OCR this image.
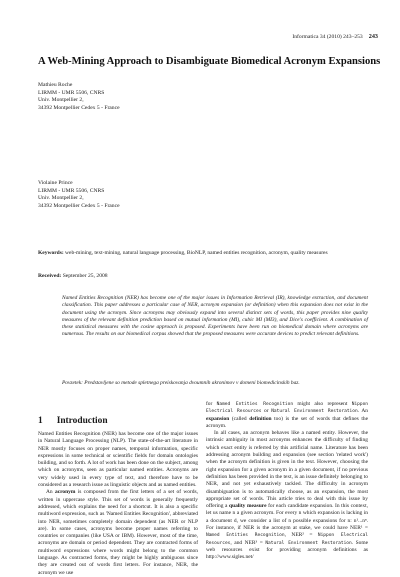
Informatica 34 (2010) 243–253 243
A Web-Mining Approach to Disambiguate Biomedical Acronym Expansions
Mathieu Roche
LIRMM - UMR 5506, CNRS
Univ. Montpellier 2,
34392 Montpellier Cedex 5 - France
Violaine Prince
LIRMM - UMR 5506, CNRS
Univ. Montpellier 2,
34392 Montpellier Cedex 5 - France
Keywords: web-mining, text-mining, natural language processing, BioNLP, named entities recognition, acronym, quality measures
Received: September 25, 2008
Named Entities Recognition (NER) has become one of the major issues in Information Retrieval (IR), knowledge extraction, and document classification. This paper addresses a particular case of NER, acronym expansion (or definition) when this expansion does not exist in the document using the acronym. Since acronyms may obviously expand into several distinct sets of words, this paper provides nine quality measures of the relevant definition prediction based on mutual information (MI), cubic MI (MI3), and Dice's coefficient. A combination of these statistical measures with the cosine approach is proposed. Experiments have been run on biomedical domain where acronyms are numerous. The results on our biomedical corpus showed that the proposed measures were accurate devices to predict relevant definitions.
Povzetek: Predstavljene so metode spletnega preiskovanja dvoumnih akronimov v domeni biomedicinskih baz.
1 Introduction

Named Entities Recognition (NER) has become one of the major issues in Natural Language Processing (NLP). The state-of-the-art literature in NER mostly focuses on proper names, temporal information, specific expressions in some technical or scientific fields for domain ontologies building, and so forth. A lot of work has been done on the subject, among which on acronyms, seen as particular named entities. Acronyms are very widely used in every type of text, and therefore have to be considered as a research issue as linguistic objects and as named entities.

An acronym is composed from the first letters of a set of words, written in uppercase style. This set of words is generally frequently addressed, which explains the need for a shortcut. It is also a specific multiword expression, such as 'Named Entities Recognition', abbreviated into NER, sometimes completely domain dependent (as NER or NLP are). In some cases, acronyms become proper names referring to countries or companies (like USA or IBM). However, most of the time, acronyms are domain or period dependent. They are contracted forms of multiword expressions where words might belong to the common language. As contracted forms, they might be highly ambiguous since they are created out of words first letters. For instance, NER, the acronym we use

for Named Entities Recognition might also represent Nippon Electrical Resources or Natural Environment Restoration. An expansion (called definition too) is the set of words that defines the acronym.

In all cases, an acronym behaves like a named entity. However, the intrinsic ambiguity in most acronyms enhances the difficulty of finding which exact entity is referred by this artificial name. Literature has been addressing acronym building and expansion (see section 'related work') when the acronym definition is given in the text. However, choosing the right expansion for a given acronym in a given document, if no previous definition has been provided in the text, is an issue definitely belonging to NER, and not yet exhaustively tackled. The difficulty in acronym disambiguation is to automatically choose, as an expansion, the most appropriate set of words. This article tries to deal with this issue by offering a quality measure for each candidate expansion. In this context, let us name n a given acronym. For every n which expansion is lacking in a document d, we consider a list of n possible expansions for n: n¹...nⁿ. For instance, if NER is the acronym at stake, we could have NER¹ = Named Entities Recognition, NER² = Nippon Electrical Resources, and NER³ = Natural Environment Restoration. Some web resources exist for providing acronym definitions as http://www.sigles.net/
